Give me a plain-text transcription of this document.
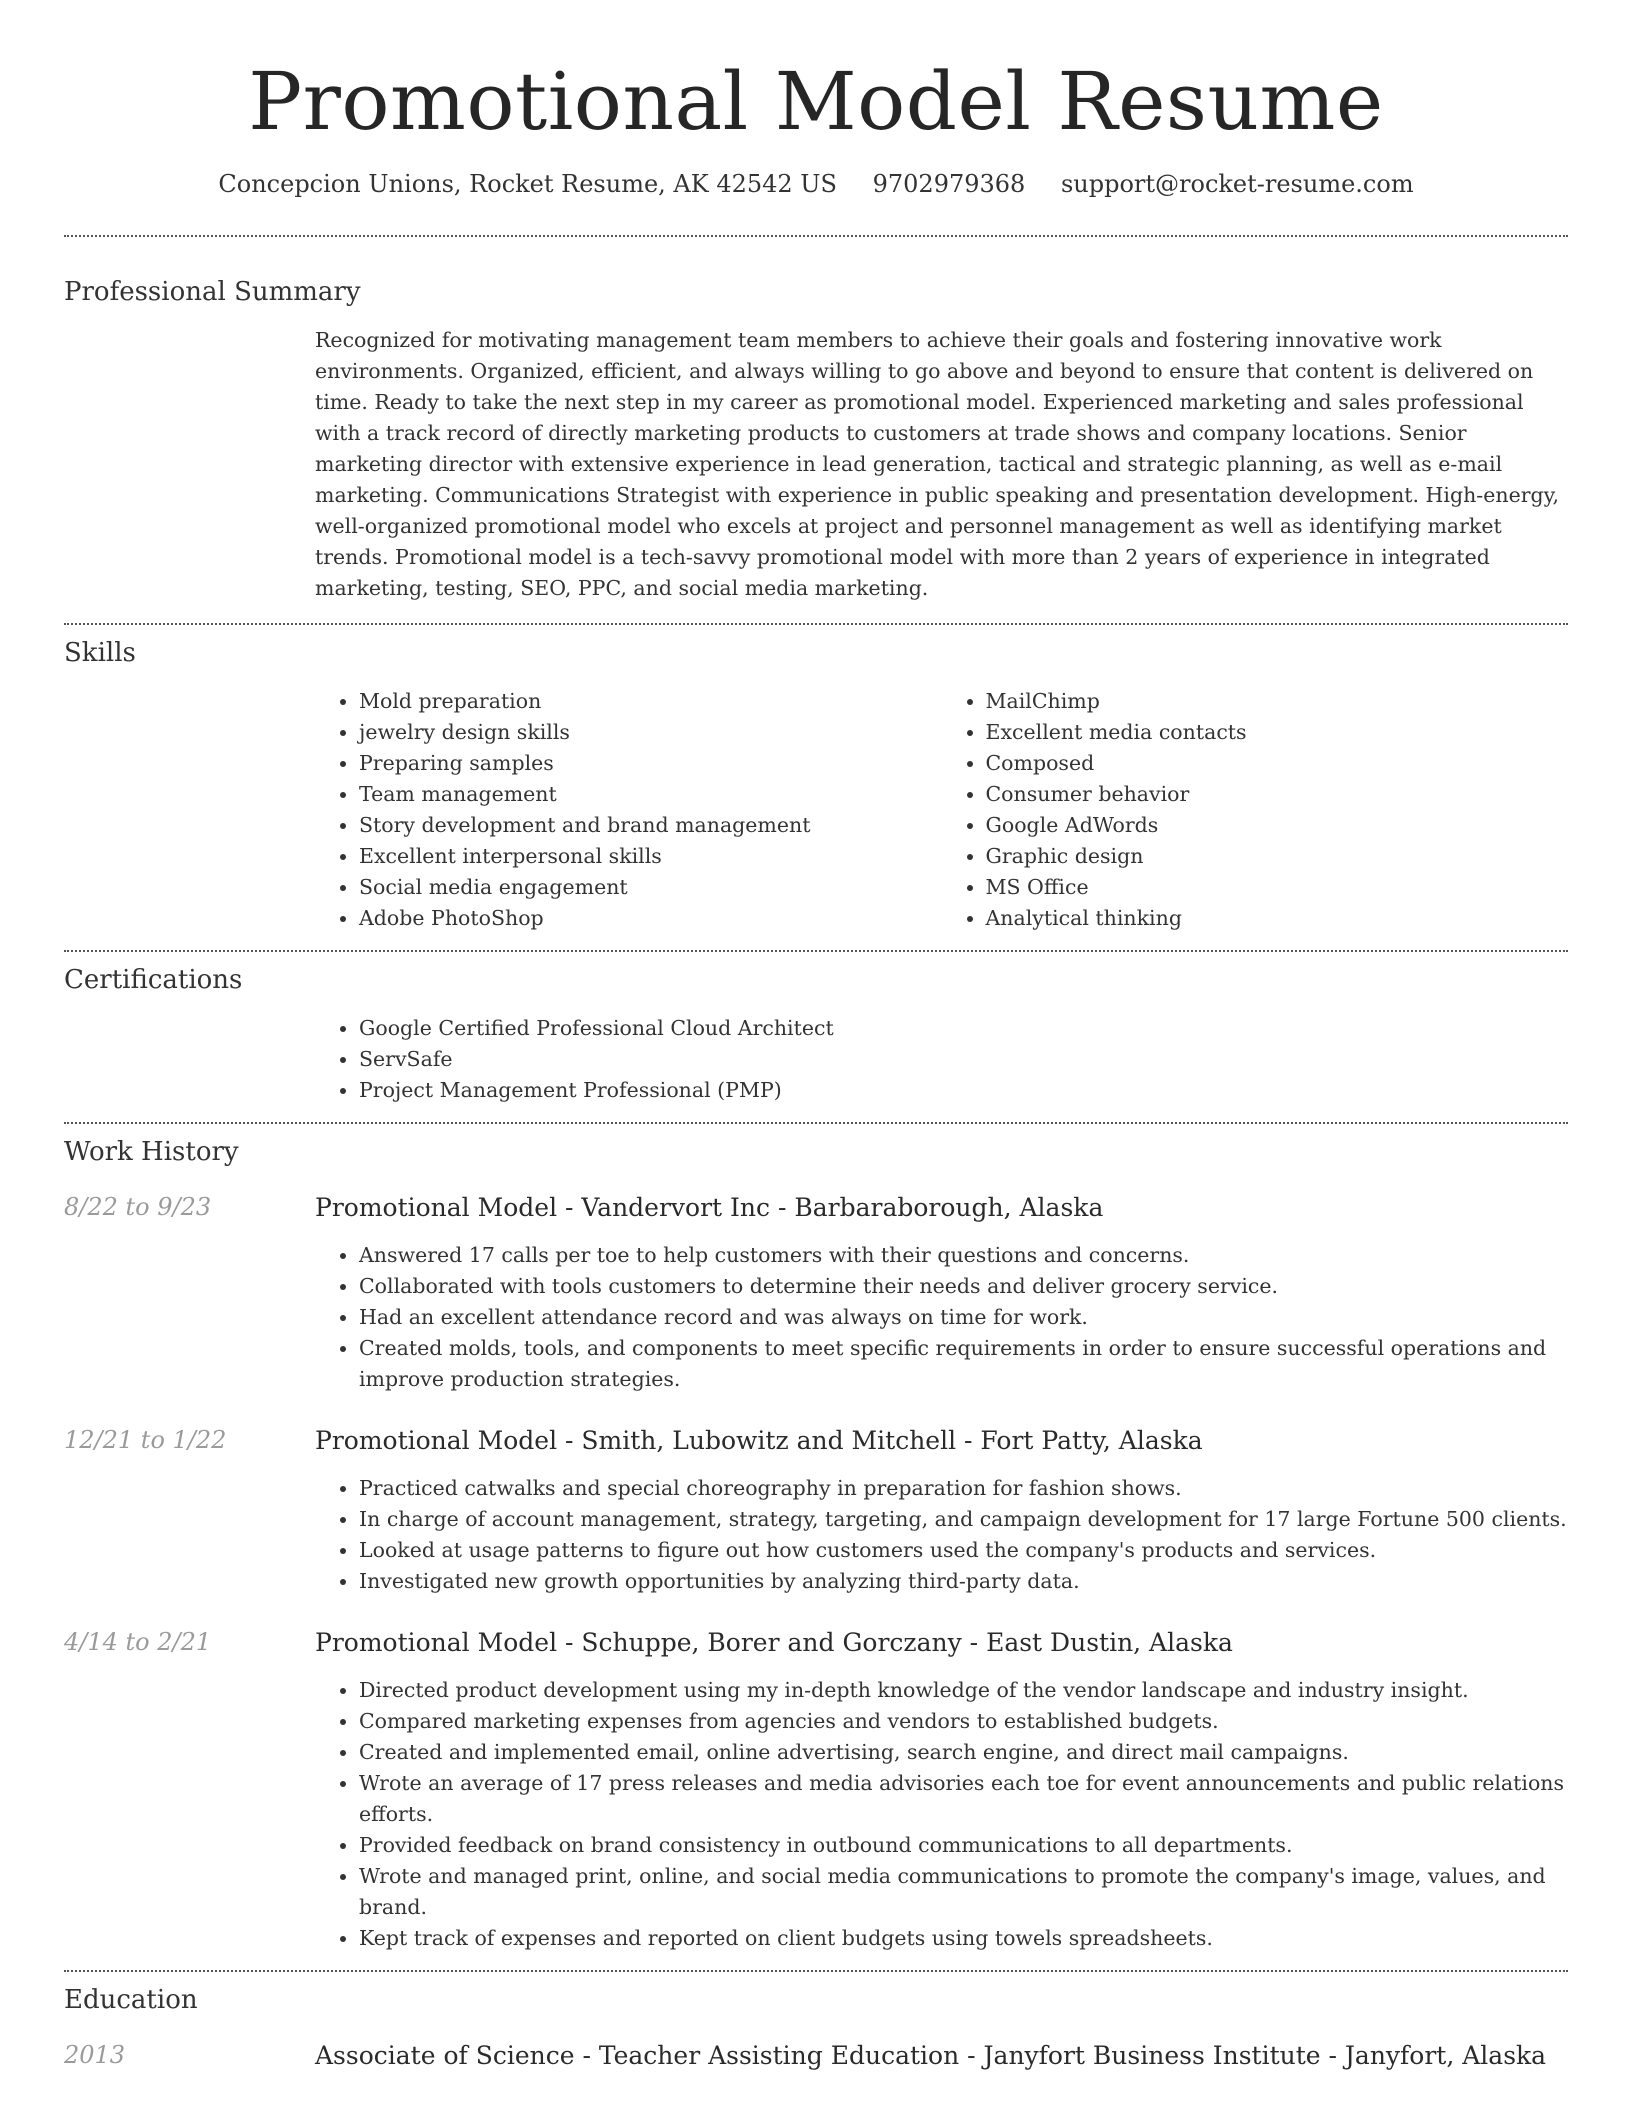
Promotional Model Resume
Concepcion Unions, Rocket Resume, AK 42542 US 9702979368 support@rocket-resume.com
Professional Summary
Recognized for motivating management team members to achieve their goals and fostering innovative work environments. Organized, efficient, and always willing to go above and beyond to ensure that content is delivered on time. Ready to take the next step in my career as promotional model. Experienced marketing and sales professional with a track record of directly marketing products to customers at trade shows and company locations. Senior marketing director with extensive experience in lead generation, tactical and strategic planning, as well as e-mail marketing. Communications Strategist with experience in public speaking and presentation development. High-energy, well-organized promotional model who excels at project and personnel management as well as identifying market trends. Promotional model is a tech-savvy promotional model with more than 2 years of experience in integrated marketing, testing, SEO, PPC, and social media marketing.
Skills
• Mold preparation
• jewelry design skills
• Preparing samples
• Team management
• Story development and brand management
• Excellent interpersonal skills
• Social media engagement
• Adobe PhotoShop
• MailChimp
• Excellent media contacts
• Composed
• Consumer behavior
• Google AdWords
• Graphic design
• MS Office
• Analytical thinking
Certifications
• Google Certified Professional Cloud Architect
• ServSafe
• Project Management Professional (PMP)
Work History
8/22 to 9/23	Promotional Model - Vandervort Inc - Barbaraborough, Alaska
• Answered 17 calls per toe to help customers with their questions and concerns.
• Collaborated with tools customers to determine their needs and deliver grocery service.
• Had an excellent attendance record and was always on time for work.
• Created molds, tools, and components to meet specific requirements in order to ensure successful operations and improve production strategies.
12/21 to 1/22	Promotional Model - Smith, Lubowitz and Mitchell - Fort Patty, Alaska
• Practiced catwalks and special choreography in preparation for fashion shows.
• In charge of account management, strategy, targeting, and campaign development for 17 large Fortune 500 clients.
• Looked at usage patterns to figure out how customers used the company's products and services.
• Investigated new growth opportunities by analyzing third-party data.
4/14 to 2/21	Promotional Model - Schuppe, Borer and Gorczany - East Dustin, Alaska
• Directed product development using my in-depth knowledge of the vendor landscape and industry insight.
• Compared marketing expenses from agencies and vendors to established budgets.
• Created and implemented email, online advertising, search engine, and direct mail campaigns.
• Wrote an average of 17 press releases and media advisories each toe for event announcements and public relations efforts.
• Provided feedback on brand consistency in outbound communications to all departments.
• Wrote and managed print, online, and social media communications to promote the company's image, values, and brand.
• Kept track of expenses and reported on client budgets using towels spreadsheets.
Education
2013	Associate of Science - Teacher Assisting Education - Janyfort Business Institute - Janyfort, Alaska
